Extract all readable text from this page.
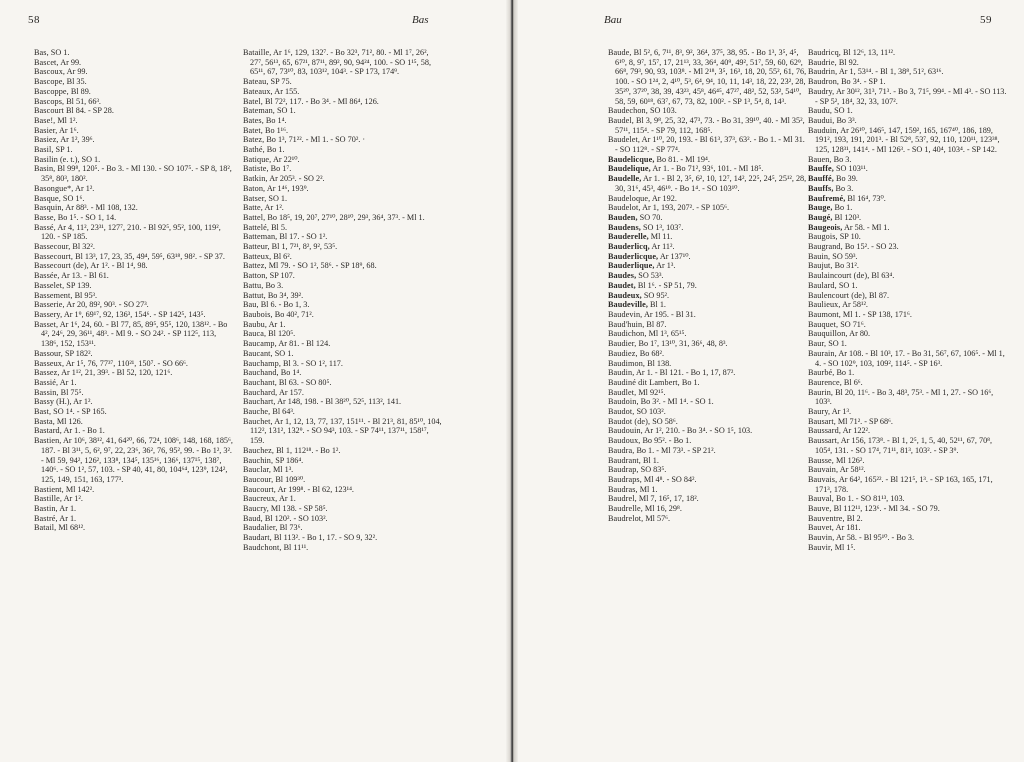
58	Bas

Bas, SO 1.

Bascet, Ar 99.

Bascoux, Ar 99.

Bascope, Bl 35.

Bascoppe, Bl 89.

Bascops, Bl 51, 66³.

Bascourt Bl 84. - SP 28.

Base!, Ml 1².

Basier, Ar 1⁶.

Basiez, Ar 1², 39⁶.

Basil, SP 1.

Basilin (e. t.), SO 1.

Basin, Bl 99⁸, 120⁵. - Bo 3. - Ml 130. - SO 107⁵. - SP 8, 18², 35⁸, 80³, 180².

Basongue*, Ar 1².

Basque, SO 1⁶.

Basquin, Ar 88³. - Ml 108, 132.

Basse, Bo 1⁵. - SO 1, 14.

Bassé, Ar 4, 11², 23³¹, 127⁷, 210. - Bl 92⁵, 95², 100, 119², 120. - SP 185.

Bassecour, Bl 32².

Bassecourt, Bl 13³, 17, 23, 35, 49⁴, 59⁵, 63¹⁸, 98². - SP 37.

Bassecourt (de), Ar 1². - Bl 1⁴, 98.

Bassée, Ar 13. - Bl 61.

Basselet, SP 139.

Bassement, Bl 95³.

Basserie, Ar 20, 89², 90³. - SO 27³.

Bassery, Ar 1⁹, 69¹⁷, 92, 136³, 154⁶. - SP 142⁵, 143⁵.

Basset, Ar 1⁶, 24, 60. - Bl 77, 85, 89⁵, 95⁵, 120, 138¹². - Bo 4², 24⁶, 29, 36¹¹, 48³. - Ml 9. - SO 24². - SP 112⁵, 113, 138⁶, 152, 153¹¹.

Bassour, SP 182².

Basseux, Ar 1⁵, 76, 77³⁷, 110²¹, 150⁷. - SO 66⁶.

Bassez, Ar 1¹², 21, 39³. - Bl 52, 120, 121⁶.

Bassié, Ar 1.

Bassin, Bl 75⁵.

Bassy (H.), Ar 1².

Bast, SO 1⁴. - SP 165.

Basta, Ml 126.

Bastard, Ar 1. - Bo 1.

Bastien, Ar 10⁶, 38¹², 41, 64²⁰, 66, 72⁴, 108⁶, 148, 168, 185⁶, 187. - Bl 3¹¹, 5, 6², 9⁷, 22, 23⁶, 36², 76, 95², 99. - Bo 1², 3². - Ml 59, 94², 126², 133⁸, 134⁵, 135¹⁶, 136⁶, 137¹⁵, 138⁷, 140⁶. - SO 1², 57, 103. - SP 40, 41, 80, 104⁶⁴, 123⁹, 124², 125, 149, 151, 163, 177³.

Bastient, Ml 142².

Bastille, Ar 1².

Bastin, Ar 1.

Bastré, Ar 1.

Batail, Ml 68¹².

Bataille, Ar 1⁶, 129, 132⁷. - Bo 32³, 71², 80. - Ml 1⁷, 26², 27⁷, 56¹³, 65, 67²¹, 87¹¹, 89², 90, 94²⁴, 100. - SO 1¹⁵, 58, 65¹¹, 67, 73¹⁰, 83, 103¹², 104³. - SP 173, 174⁹.

Bateau, SP 75.

Bateaux, Ar 155.

Batel, Bl 72², 117. - Bo 3⁴. - Ml 86⁴, 126.

Bateman, SO 1.

Bates, Bo 1⁴.

Batet, Bo 1¹⁶.

Batez, Bo 1³, 71²². - Ml 1. - SO 70². ·

Bathé, Bo 1.

Batique, Ar 22¹⁰.

Batiste, Bo 1⁷.

Batkin, Ar 205³. - SO 2².

Baton, Ar 1⁴⁶, 193⁹.

Batser, SO 1.

Batte, Ar 1².

Battel, Bo 18⁵, 19, 20⁷, 27¹⁰, 28¹⁰, 29³, 36⁴, 37³. - Ml 1.

Battelé, Bl 5.

Batteman, Bl 17. - SO 1².

Batteur, Bl 1, 7²¹, 8², 9², 53⁵.

Batteux, Bl 6².

Battez, Ml 79. - SO 1², 58⁶. - SP 18⁹, 68.

Batton, SP 107.

Battu, Bo 3.

Battut, Bo 3⁴, 39².

Bau, Bl 6. - Bo 1, 3.

Baubois, Bo 40², 71².

Baubu, Ar 1.

Bauca, Bl 120⁵.

Baucamp, Ar 81. - Bl 124.

Baucant, SO 1.

Bauchamp, Bl 3. - SO 1², 117.

Bauchand, Bo 1⁴.

Bauchant, Bl 63. - SO 80⁵.

Bauchard, Ar 157.

Bauchart, Ar 148, 198. - Bl 38²⁰, 52⁵, 113², 141.

Bauche, Bl 64³.

Bauchet, Ar 1, 12, 13, 77, 137, 151¹¹. - Bl 21³, 81, 85¹⁰, 104, 112², 131², 132⁹. - SO 94³, 103. - SP 74¹¹, 137¹¹, 158¹⁷, 159.

Bauchez, Bl 1, 112¹⁸. - Bo 1².

Bauchin, SP 186⁴.

Bauclar, Ml 1³.

Baucour, Bl 109³⁰.

Baucourt, Ar 199⁸. - Bl 62, 123¹⁴.

Baucreux, Ar 1.

Baucry, Ml 138. - SP 58⁵.

Baud, Bl 120². - SO 103².

Baudalier, Bl 73⁶.

Baudart, Bl 113². - Bo 1, 17. - SO 9, 32².

Baudchont, Bl 11¹¹.

Bau	59

Baude, Bl 5², 6, 7¹¹, 8³, 9², 36⁴, 37⁵, 38, 95. - Bo 1³, 3⁵, 4⁵, 6¹⁰, 8, 9⁷, 15⁷, 17, 21¹³, 33, 36⁴, 40⁹, 49², 51⁷, 59, 60, 62⁹, 66⁸, 79³, 90, 93, 103⁸. - Ml 2¹⁸, 3⁵, 16³, 18, 20, 55², 61, 76, 100. - SO 1²⁴, 2, 4¹⁰, 5³, 6⁴, 9⁴, 10, 11, 14³, 18, 22, 23², 28, 35²⁰, 37²⁰, 38, 39, 43²³, 45⁸, 46⁴⁵, 47²⁷, 48², 52, 53², 54¹⁰, 58, 59, 60¹⁸, 63⁷, 67, 73, 82, 100². - SP 1³, 5⁴, 8, 14³.

Baudechon, SO 103.

Baudel, Bl 3, 9⁸, 25, 32, 47³, 73. - Bo 31, 39¹⁰, 40. - Ml 35², 57¹¹, 115⁴. - SP 79, 112, 168⁵.

Baudelet, Ar 1¹⁰, 20, 193. - Bl 61³, 37³, 63². - Bo 1. - Ml 31. - SO 112⁸. - SP 77⁴.

Baudelicque, Bo 81. - Ml 19⁴.

Baudelique, Ar 1. - Bo 71², 93⁶, 101. - Ml 18⁵.

Baudelle, Ar 1. - Bl 2, 3⁵, 6², 10, 12⁷, 14², 22⁵, 24⁵, 25¹², 28, 30, 31⁶, 45³, 46¹⁹. - Bo 1⁴. - SO 103¹⁰.

Baudeloque, Ar 192.

Baudelot, Ar 1, 193, 207². - SP 105⁶.

Bauden, SO 70.

Baudens, SO 1³, 103⁷.

Bauderelle, Ml 11.

Bauderlicq, Ar 11².

Bauderlicque, Ar 137¹⁰.

Bauderlique, Ar 1³.

Baudes, SO 53³.

Baudet, Bl 1⁶. - SP 51, 79.

Baudeux, SO 95².

Baudeville, Bl 1.

Baudevin, Ar 195. - Bl 31.

Baud'huin, Bl 87.

Baudichon, Ml 1³, 65¹⁵.

Baudier, Bo 1⁷, 13¹⁰, 31, 36⁶, 48, 8³.

Baudiez, Bo 68².

Baudimon, Bl 138.

Baudin, Ar 1. - Bl 121. - Bo 1, 17, 87².

Baudiné dit Lambert, Bo 1.

Baudlet, Ml 92¹⁵.

Baudoin, Bo 3². - Ml 1⁴. - SO 1.

Baudot, SO 103².

Baudot (de), SO 58⁶.

Baudouin, Ar 1², 210. - Bo 3⁴. - SO 1⁵, 103.

Baudoux, Bo 95². - Bo 1.

Baudra, Bo 1. - Ml 73³. - SP 21².

Baudrant, Bl 1.

Baudrap, SO 83⁵.

Baudraps, Ml 4⁸. - SO 84².

Baudras, Ml 1.

Baudrel, Ml 7, 16⁵, 17, 18².

Baudrelle, Ml 16, 29⁸.

Baudrelot, Ml 57⁶.

Baudricq, Bl 12⁶, 13, 11¹².

Baudrie, Bl 92.

Baudrin, Ar 1, 53¹⁴. - Bl 1, 38⁸, 51², 63¹⁶.

Baudron, Bo 3⁴. - SP 1.

Baudry, Ar 30¹², 31³, 71³. - Bo 3, 71⁵, 99⁴. - Ml 4³. - SO 113. - SP 5², 18⁴, 32, 33, 107².

Baudu, SO 1.

Baudui, Bo 3³.

Bauduin, Ar 26¹⁰, 146⁵, 147, 159², 165, 167⁴⁰, 186, 189, 191², 193, 191, 201³. - Bl 52⁸, 53⁷, 92, 110, 120¹¹, 123³⁸, 125, 128³¹, 141⁴. - Ml 126³. - SO 1, 40⁴, 103⁴. - SP 142.

Bauen, Bo 3.

Bauffe, SO 103¹¹.

Bauffé, Bo 39.

Bauffs, Bo 3.

Baufremé, Bl 16⁴, 73⁰.

Bauge, Bo 1.

Baugé, Bl 120³.

Baugeois, Ar 58. - Ml 1.

Baugois, SP 10.

Baugrand, Bo 15². - SO 23.

Bauin, SO 59³.

Baujut, Bo 31².

Baulaincourt (de), Bl 63⁴.

Baulard, SO 1.

Baulencourt (de), Bl 87.

Baulieux, Ar 58¹².

Baumont, Ml 1. - SP 138, 171⁶.

Bauquet, SO 71⁶.

Bauquillon, Ar 80.

Baur, SO 1.

Baurain, Ar 108. - Bl 10³, 17. - Bo 31, 56⁷, 67, 106⁵. - Ml 1, 4. - SO 102⁹, 103, 109², 114⁵. - SP 16³.

Baurbé, Bo 1.

Baurence, Bl 6⁶.

Baurin, Bl 20, 11⁶. - Bo 3, 48³, 75³. - Ml 1, 27. - SO 16⁶, 103³.

Baury, Ar 1³.

Bausart, Ml 71². - SP 68⁶.

Baussard, Ar 122².

Baussart, Ar 156, 173⁸. - Bl 1, 2⁵, 1, 5, 40, 52¹¹, 67, 70⁸, 105⁴, 131. - SO 17⁴, 71¹¹, 81³, 103². - SP 3⁹.

Bausse, Ml 126².

Bauvain, Ar 58¹².

Bauvais, Ar 64², 165²². - Bl 121⁵, 1³. - SP 163, 165, 171, 171³, 178.

Bauval, Bo 1. - SO 81¹³, 103.

Bauve, Bl 112¹¹, 123⁶. - Ml 34. - SO 79.

Bauventre, Bl 2.

Bauvet, Ar 181.

Bauvin, Ar 58. - Bl 95¹⁰. - Bo 3.

Bauvir, Ml 1⁵.
